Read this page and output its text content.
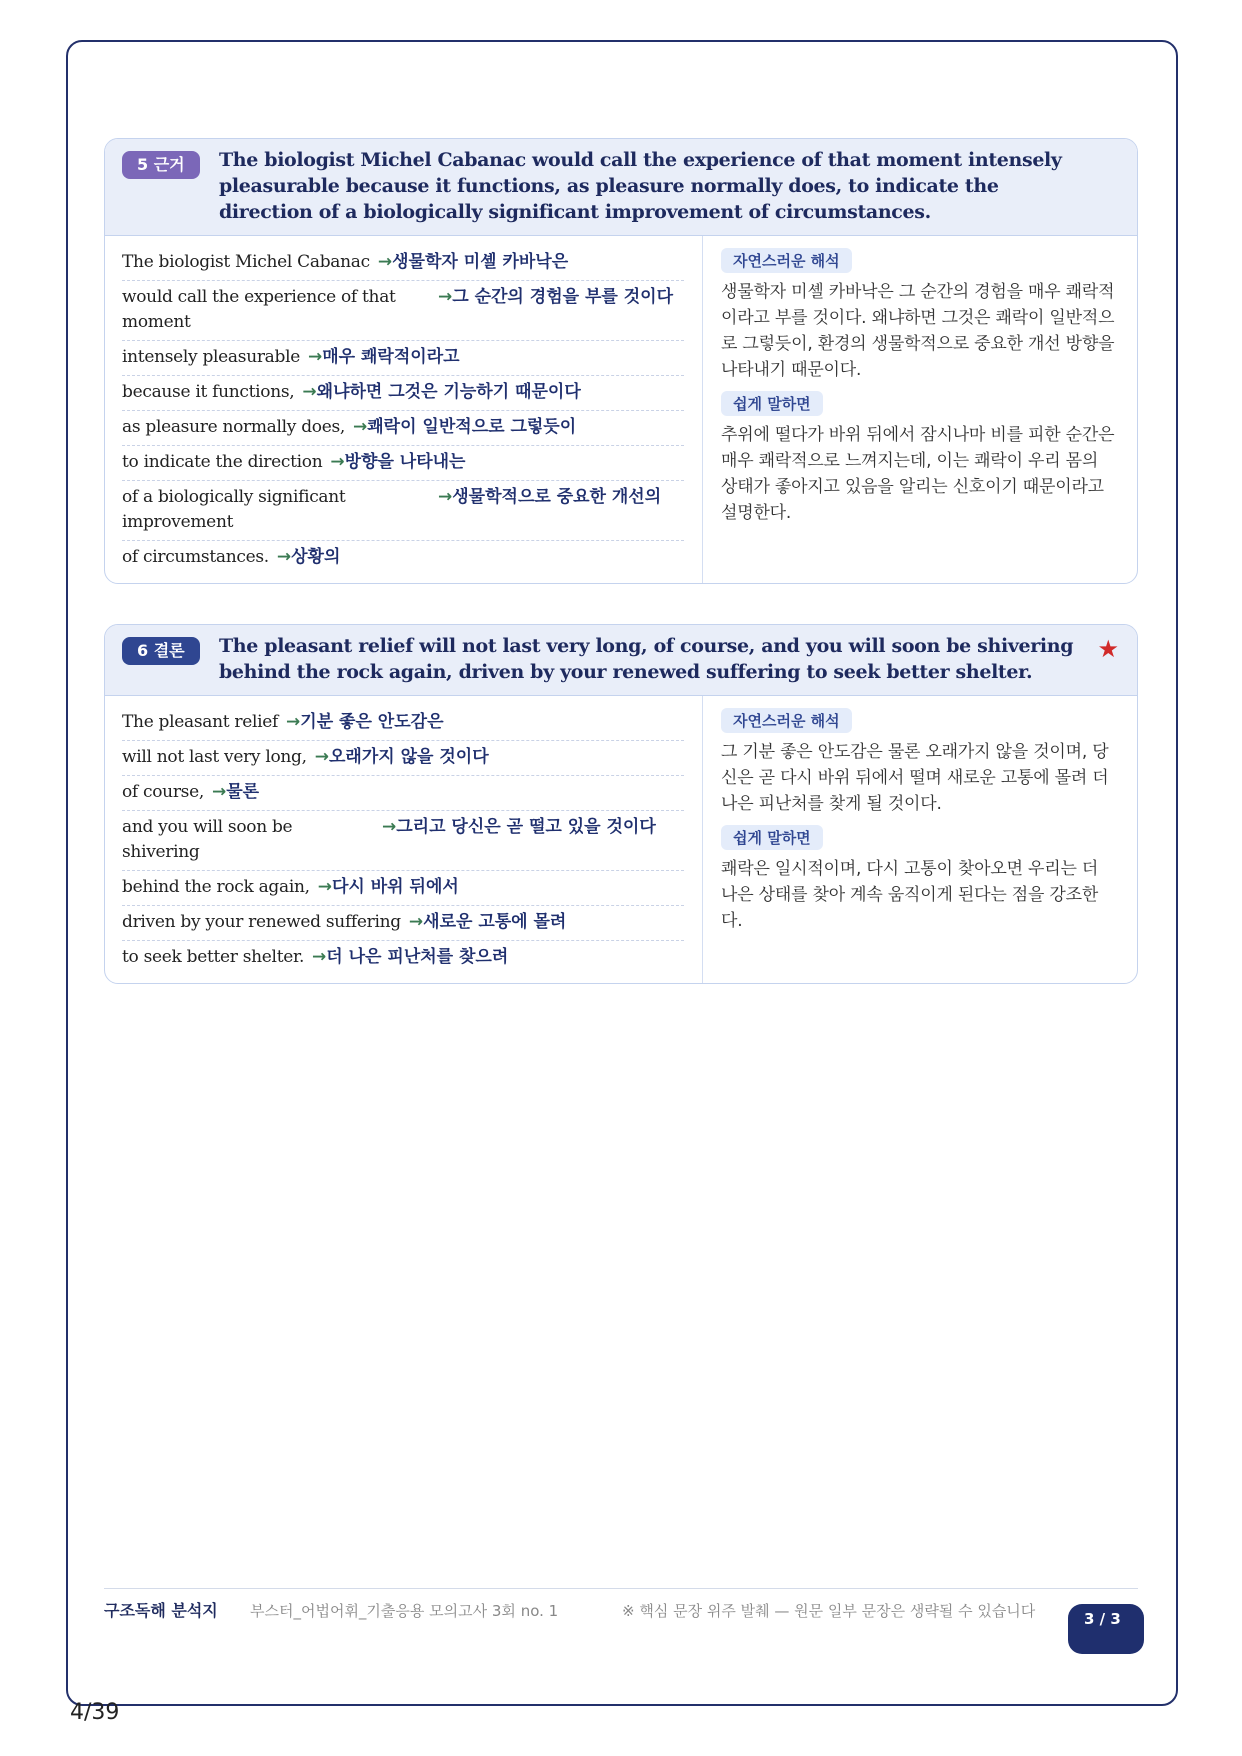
5 근거	The biologist Michel Cabanac would call the experience of that moment intensely pleasurable because it functions, as pleasure normally does, to indicate the direction of a biologically significant improvement of circumstances.
The biologist Michel Cabanac →생물학자 미셸 카바낙은
would call the experience of that moment
→그 순간의 경험을 부를 것이다
intensely pleasurable →매우 쾌락적이라고
because it functions, →왜냐하면 그것은 기능하기 때문이다
as pleasure normally does, →쾌락이 일반적으로 그렇듯이
to indicate the direction →방향을 나타내는
of a biologically significant improvement
→생물학적으로 중요한 개선의
of circumstances. →상황의
자연스러운 해석

생물학자 미셸 카바낙은 그 순간의 경험을 매우 쾌락적이라고 부를 것이다. 왜냐하면 그것은 쾌락이 일반적으로 그렇듯이, 환경의 생물학적으로 중요한 개선 방향을 나타내기 때문이다.

쉽게 말하면

추위에 떨다가 바위 뒤에서 잠시나마 비를 피한 순간은 매우 쾌락적으로 느껴지는데, 이는 쾌락이 우리 몸의 상태가 좋아지고 있음을 알리는 신호이기 때문이라고 설명한다.

6 결론	The pleasant relief will not last very long, of course, and you will soon be shivering behind the rock again, driven by your renewed suffering to seek better shelter.
★
The pleasant relief →기분 좋은 안도감은
will not last very long, →오래가지 않을 것이다
of course, →물론
and you will soon be shivering
→그리고 당신은 곧 떨고 있을 것이다
behind the rock again, →다시 바위 뒤에서
driven by your renewed suffering →새로운 고통에 몰려
to seek better shelter. →더 나은 피난처를 찾으려
자연스러운 해석

그 기분 좋은 안도감은 물론 오래가지 않을 것이며, 당신은 곧 다시 바위 뒤에서 떨며 새로운 고통에 몰려 더 나은 피난처를 찾게 될 것이다.

쉽게 말하면

쾌락은 일시적이며, 다시 고통이 찾아오면 우리는 더 나은 상태를 찾아 계속 움직이게 된다는 점을 강조한다.

구조독해 분석지	부스터_어법어휘_기출응용 모의고사 3회 no. 1	※ 핵심 문장 위주 발췌 — 원문 일부 문장은 생략될 수 있습니다	3 / 3
4/39
